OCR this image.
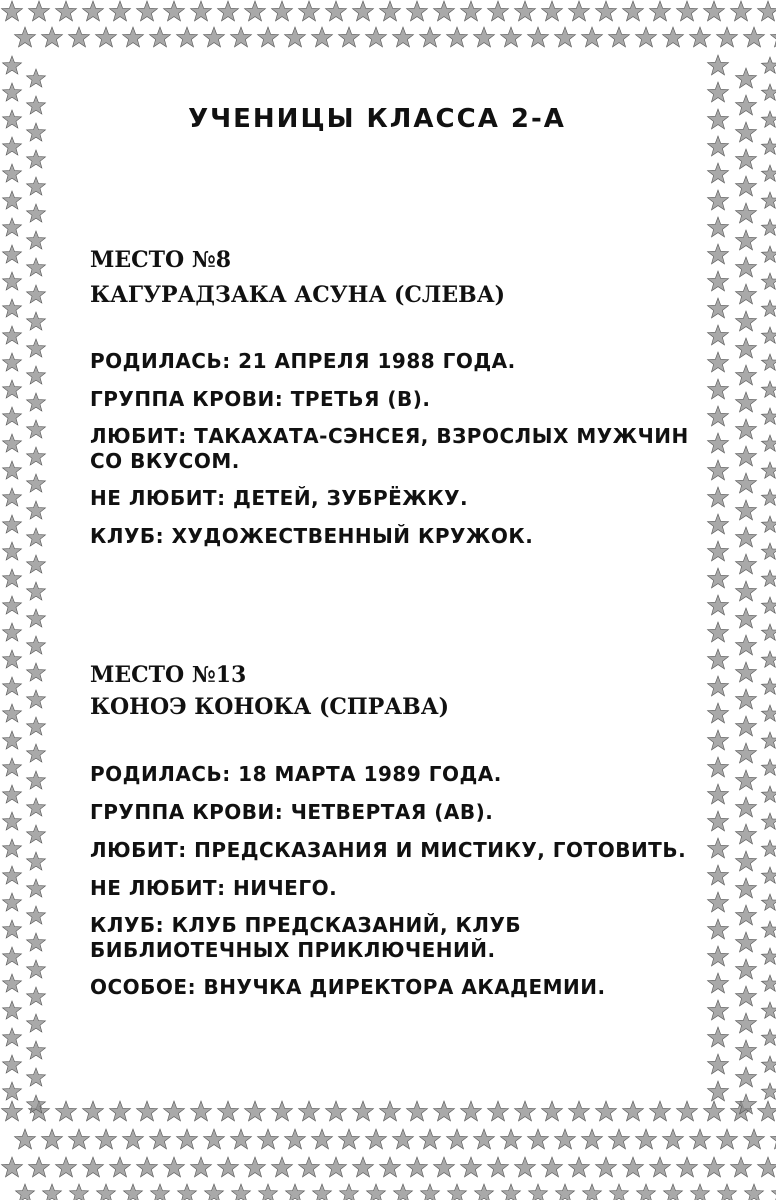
УЧЕНИЦЫ КЛАССА 2-А
МЕСТО №8
КАГУРАДЗАКА АСУНА (СЛЕВА)
РОДИЛАСЬ: 21 АПРЕЛЯ 1988 ГОДА.
ГРУППА КРОВИ: ТРЕТЬЯ (В).
ЛЮБИТ: ТАКАХАТА-СЭНСЕЯ, ВЗРОСЛЫХ МУЖЧИН СО ВКУСОМ.
НЕ ЛЮБИТ: ДЕТЕЙ, ЗУБРЁЖКУ.
КЛУБ: ХУДОЖЕСТВЕННЫЙ КРУЖОК.
МЕСТО №13
КОНОЭ КОНОКА (СПРАВА)
РОДИЛАСЬ: 18 МАРТА 1989 ГОДА.
ГРУППА КРОВИ: ЧЕТВЕРТАЯ (АВ).
ЛЮБИТ: ПРЕДСКАЗАНИЯ И МИСТИКУ, ГОТОВИТЬ.
НЕ ЛЮБИТ: НИЧЕГО.
КЛУБ: КЛУБ ПРЕДСКАЗАНИЙ, КЛУБ БИБЛИОТЕЧНЫХ ПРИКЛЮЧЕНИЙ.
ОСОБОЕ: ВНУЧКА ДИРЕКТОРА АКАДЕМИИ.
